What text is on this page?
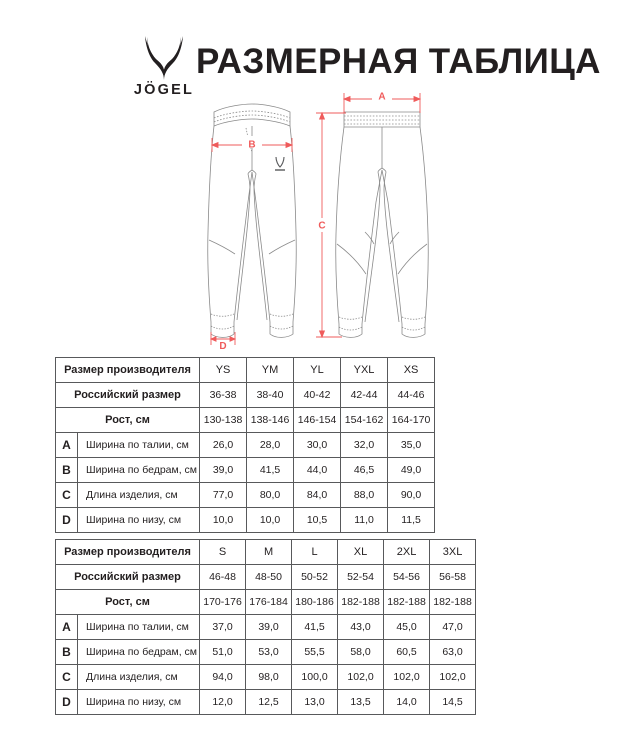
JÖGEL
РАЗМЕРНАЯ ТАБЛИЦА
B
D
A
C
Размер производителя		YS	YM	YL	YXL	XS
Российский размер		36-38	38-40	40-42	42-44	44-46
Рост, см		130-138	138-146	146-154	154-162	164-170
A	Ширина по талии, см	26,0	28,0	30,0	32,0	35,0
B	Ширина по бедрам, см	39,0	41,5	44,0	46,5	49,0
C	Длина изделия, см	77,0	80,0	84,0	88,0	90,0
D	Ширина по низу, см	10,0	10,0	10,5	11,0	11,5
Размер производителя		S	M	L	XL	2XL	3XL
Российский размер		46-48	48-50	50-52	52-54	54-56	56-58
Рост, см		170-176	176-184	180-186	182-188	182-188	182-188
A	Ширина по талии, см	37,0	39,0	41,5	43,0	45,0	47,0
B	Ширина по бедрам, см	51,0	53,0	55,5	58,0	60,5	63,0
C	Длина изделия, см	94,0	98,0	100,0	102,0	102,0	102,0
D	Ширина по низу, см	12,0	12,5	13,0	13,5	14,0	14,5
